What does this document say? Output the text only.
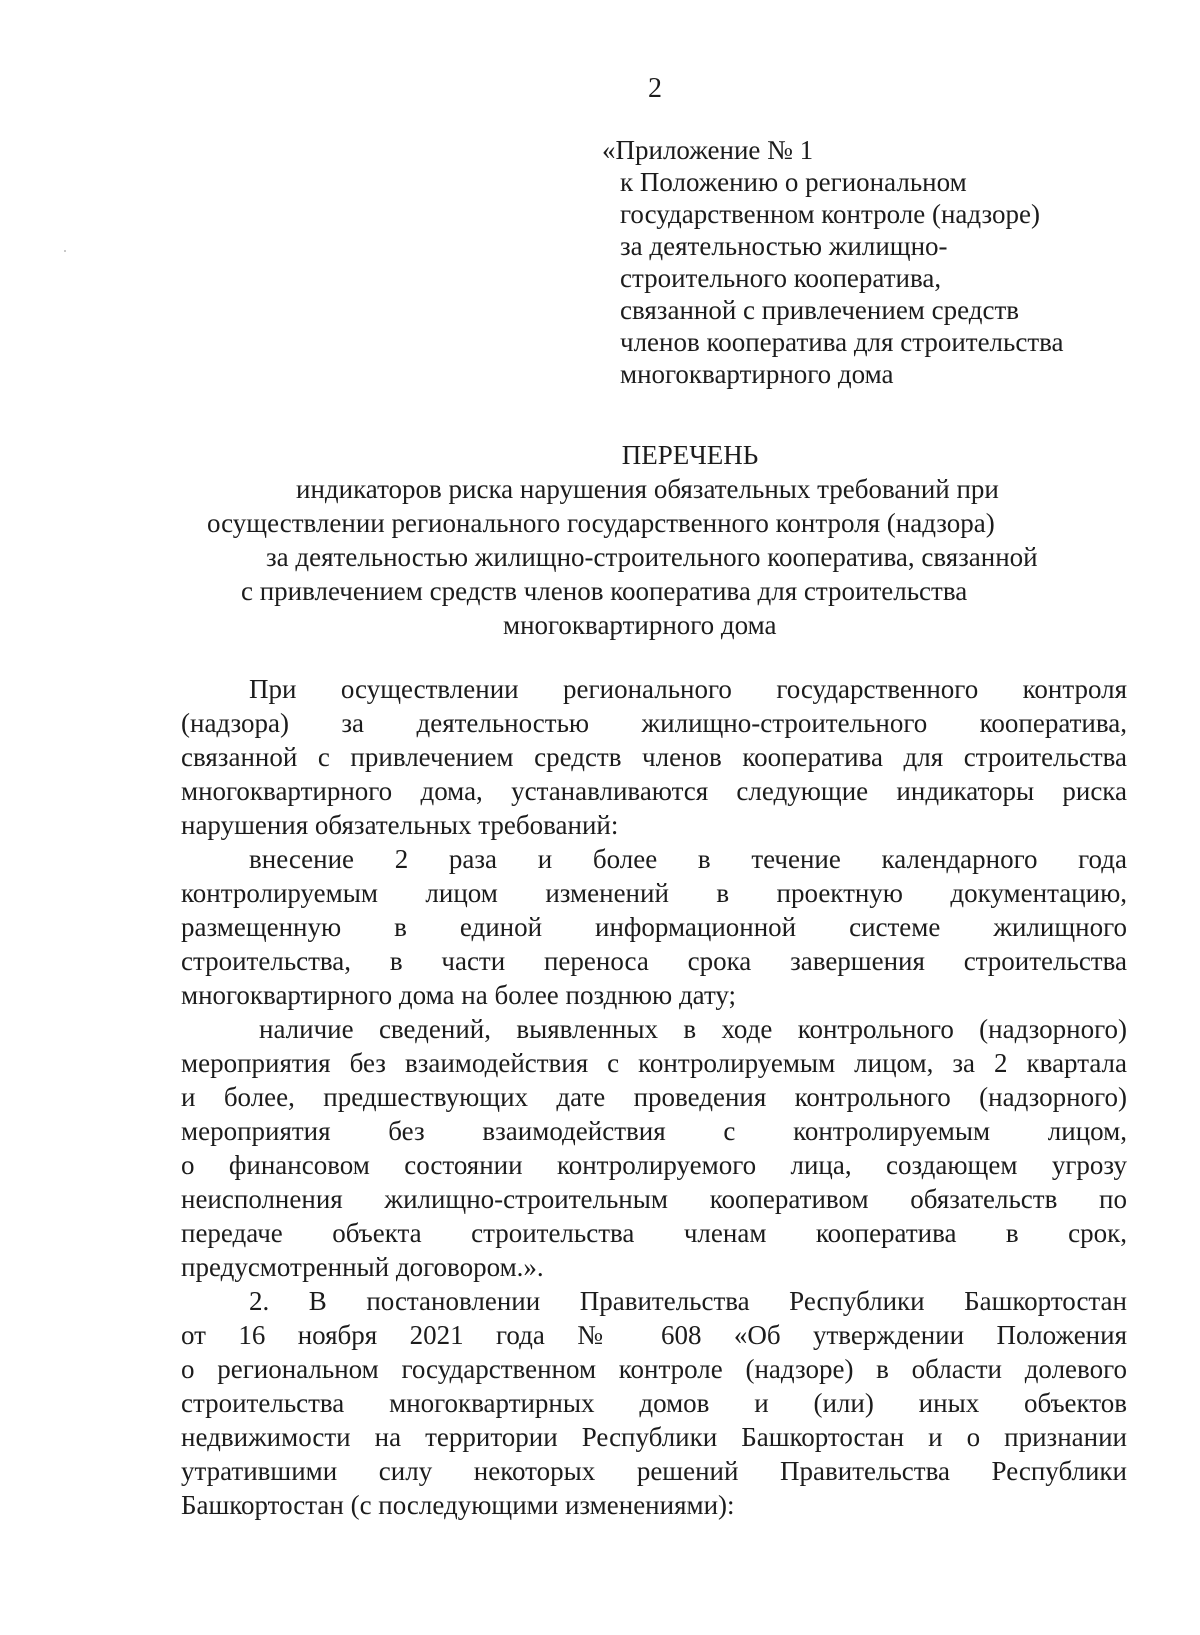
2
«Приложение № 1
к Положению о региональном
государственном контроле (надзоре)
за деятельностью жилищно-
строительного кооператива,
связанной с привлечением средств
членов кооператива для строительства
многоквартирного дома
ПЕРЕЧЕНЬ
индикаторов риска нарушения обязательных требований при
осуществлении регионального государственного контроля (надзора)
за деятельностью жилищно-строительного кооператива, связанной
с привлечением средств членов кооператива для строительства
многоквартирного дома
При осуществлении регионального государственного контроля
(надзора) за деятельностью жилищно-строительного кооператива,
связанной с привлечением средств членов кооператива для строительства
многоквартирного дома, устанавливаются следующие индикаторы риска
нарушения обязательных требований:
внесение 2 раза и более в течение календарного года
контролируемым лицом изменений в проектную документацию,
размещенную в единой информационной системе жилищного
строительства, в части переноса срока завершения строительства
многоквартирного дома на более позднюю дату;
наличие сведений, выявленных в ходе контрольного (надзорного)
мероприятия без взаимодействия с контролируемым лицом, за 2 квартала
и более, предшествующих дате проведения контрольного (надзорного)
мероприятия без взаимодействия с контролируемым лицом,
о финансовом состоянии контролируемого лица, создающем угрозу
неисполнения жилищно-строительным кооперативом обязательств по
передаче объекта строительства членам кооператива в срок,
предусмотренный договором.».
2. В постановлении Правительства Республики Башкортостан
от 16 ноября 2021 года № 608 «Об утверждении Положения
о региональном государственном контроле (надзоре) в области долевого
строительства многоквартирных домов и (или) иных объектов
недвижимости на территории Республики Башкортостан и о признании
утратившими силу некоторых решений Правительства Республики
Башкортостан (с последующими изменениями):
